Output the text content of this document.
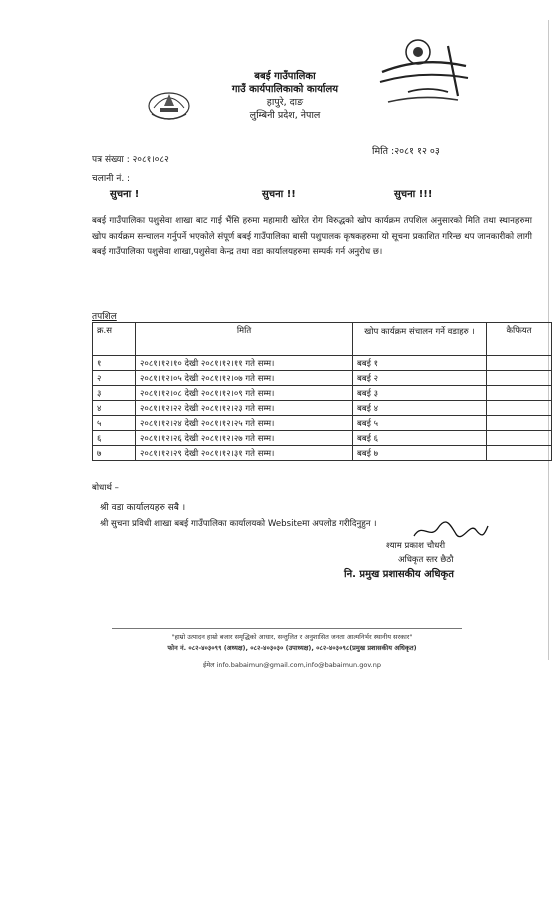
बबई गाउँपालिका
गाउँ कार्यपालिकाको कार्यालय
हापुरे, दाङ
लुम्बिनी प्रदेश, नेपाल
पत्र संख्या : २०८१।०८२
मिति :२०८१ १२ ०३
चलानी नं. :
सुचना !	सुचना !!	सुचना !!!
बबई गाउँपालिका पशुसेवा शाखा बाट गाई भैंसि हरुमा महामारी खोरेत रोग विरुद्धको खोप कार्यक्रम तपशिल अनुसारको मिति तथा स्थानहरुमा खोप कार्यक्रम सन्चालन गर्नुपर्ने भएकोले संपूर्ण बबई गाउँपालिका बासी पशुपालक कृषकहरुमा यो सूचना प्रकाशित गरिन्छ थप जानकारीको लागी बबई गाउँपालिका पशुसेवा शाखा,पशुसेवा केन्द्र तथा वडा कार्यालयहरुमा सम्पर्क गर्न अनुरोध छ।
तपशिल
क्र.स	मिति	खोप कार्यक्रम संचालन गर्ने वडाहरु ।	कैफियत
१	२०८१।१२।१० देखी २०८१।१२।११ गते सम्म।	बबई १	
२	२०८१।१२।०५ देखी २०८१।१२।०७ गते सम्म।	बबई २	
३	२०८१।१२।०८ देखी २०८१।१२।०९ गते सम्म।	बबई ३	
४	२०८१।१२।२२ देखी २०८१।१२।२३ गते सम्म।	बबई ४	
५	२०८१।१२।२४ देखी २०८१।१२।२५ गते सम्म।	बबई ५	
६	२०८१।१२।२६ देखी २०८१।१२।२७ गते सम्म।	बबई ६	
७	२०८१।१२।२९ देखी २०८१।१२।३१ गते सम्म।	बबई ७	
बोधार्थ –
श्री वडा कार्यालयहरु सबै ।
श्री सुचना प्रविधी शाखा बबई गाउँपालिका कार्यालयको Websiteमा अपलोड गरीदिनुहुन ।
श्याम प्रकाश चौधरी
अधिकृत स्तर छैठौ
नि. प्रमुख प्रशासकीय अधिकृत
"हाम्रो उत्पादन हाम्रो बजार समृद्धिको आधार, सन्तुलित र अनुशासित जनता आत्मनिर्भर स्थानीय सरकार"
फोन नं. ०८२-४०३०९९ (अध्यक्ष), ०८२-४०३०३० (उपाध्यक्ष), ०८२-४०३०९८(प्रमुख प्रशासकीय अधिकृत)
ईमेल info.babaimun@gmail.com,info@babaimun.gov.np
